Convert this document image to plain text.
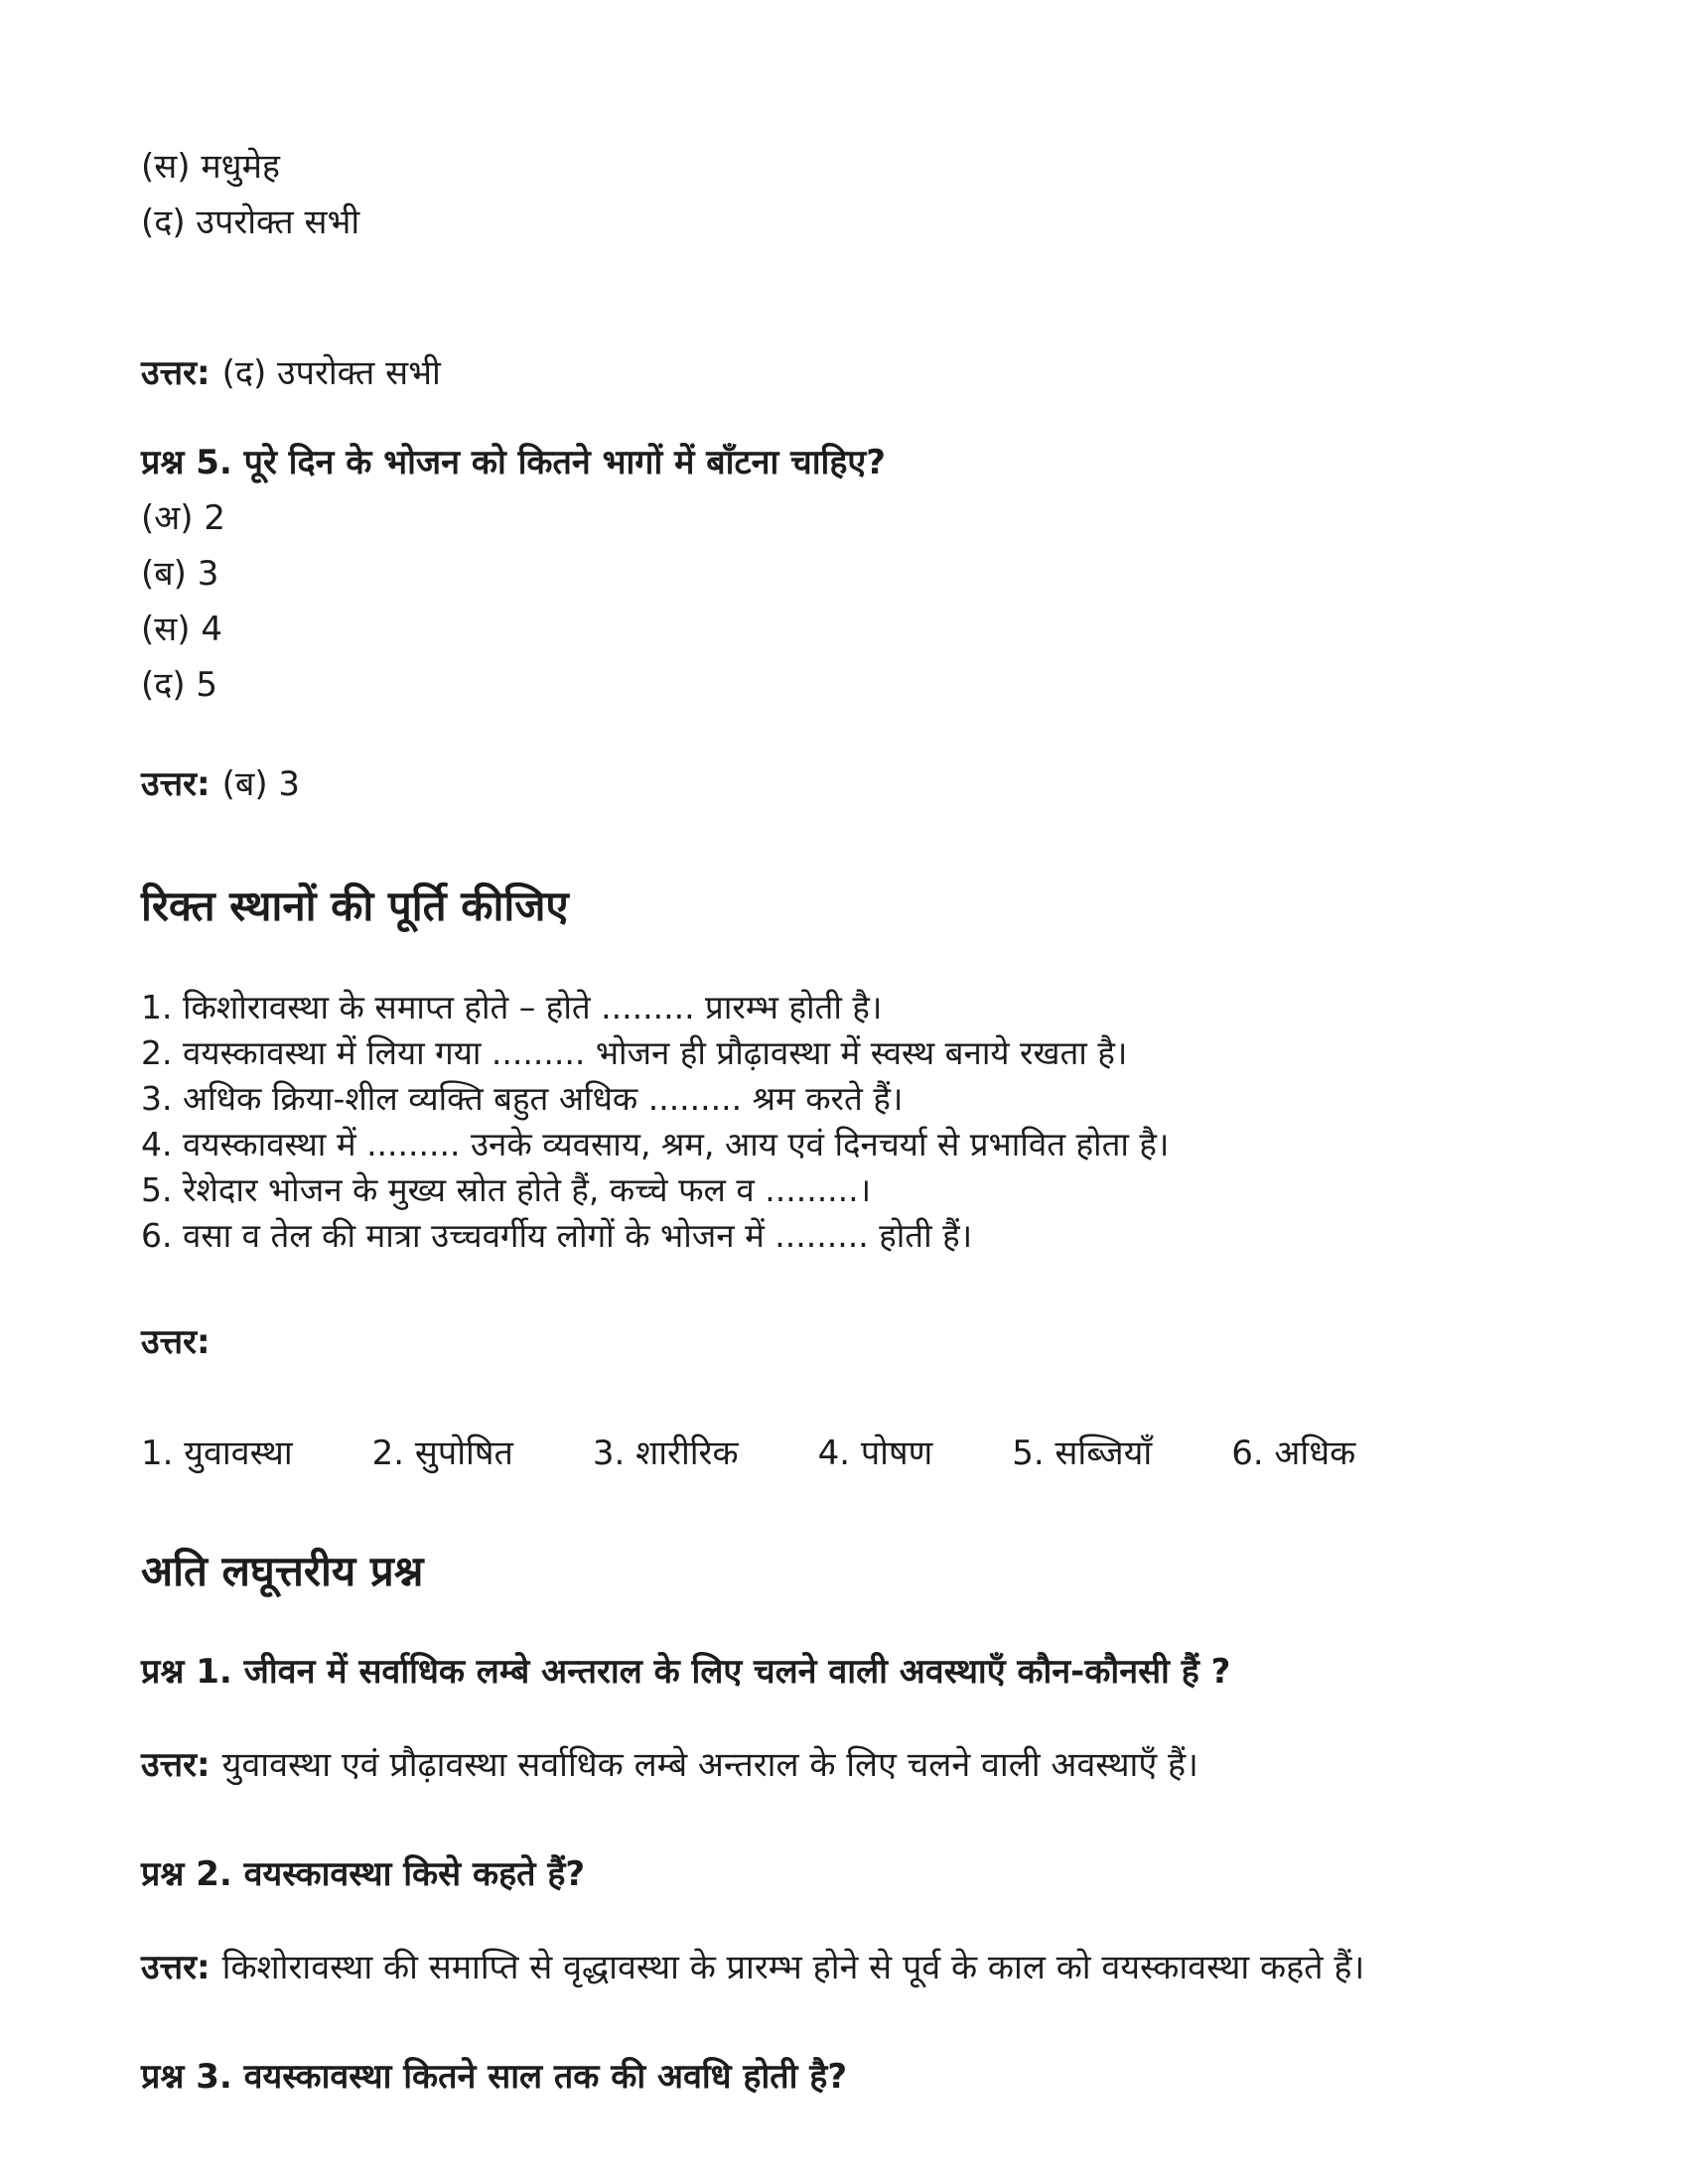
(स) मधुमेह
(द) उपरोक्त सभी
उत्तर: (द) उपरोक्त सभी
प्रश्न 5. पूरे दिन के भोजन को कितने भागों में बाँटना चाहिए?
(अ) 2
(ब) 3
(स) 4
(द) 5
उत्तर: (ब) 3
रिक्त स्थानों की पूर्ति कीजिए
1. किशोरावस्था के समाप्त होते – होते ......... प्रारम्भ होती है।
2. वयस्कावस्था में लिया गया ......... भोजन ही प्रौढ़ावस्था में स्वस्थ बनाये रखता है।
3. अधिक क्रिया-शील व्यक्ति बहुत अधिक ......... श्रम करते हैं।
4. वयस्कावस्था में ......... उनके व्यवसाय, श्रम, आय एवं दिनचर्या से प्रभावित होता है।
5. रेशेदार भोजन के मुख्य स्रोत होते हैं, कच्चे फल व .........।
6. वसा व तेल की मात्रा उच्चवर्गीय लोगों के भोजन में ......... होती हैं।
उत्तर:
1. युवावस्था 2. सुपोषित 3. शारीरिक 4. पोषण 5. सब्जियाँ 6. अधिक
अति लघूत्तरीय प्रश्न
प्रश्न 1. जीवन में सर्वाधिक लम्बे अन्तराल के लिए चलने वाली अवस्थाएँ कौन-कौनसी हैं ?
उत्तर: युवावस्था एवं प्रौढ़ावस्था सर्वाधिक लम्बे अन्तराल के लिए चलने वाली अवस्थाएँ हैं।
प्रश्न 2. वयस्कावस्था किसे कहते हैं?
उत्तर: किशोरावस्था की समाप्ति से वृद्धावस्था के प्रारम्भ होने से पूर्व के काल को वयस्कावस्था कहते हैं।
प्रश्न 3. वयस्कावस्था कितने साल तक की अवधि होती है?
